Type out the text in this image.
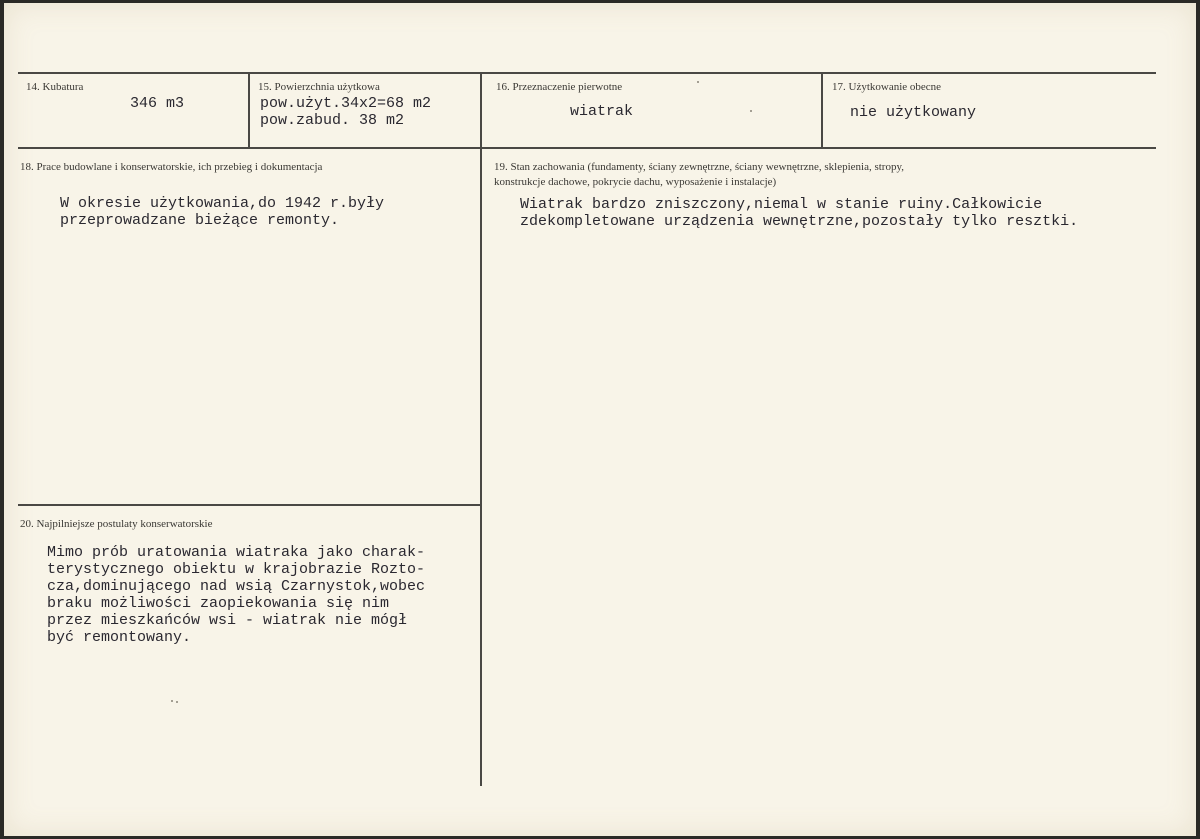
14. Kubatura
346 m3
15. Powierzchnia użytkowa
pow.użyt.34x2=68 m2
pow.zabud. 38 m2
16. Przeznaczenie pierwotne
wiatrak
17. Użytkowanie obecne
nie użytkowany
18. Prace budowlane i konserwatorskie, ich przebieg i dokumentacja
W okresie użytkowania,do 1942 r.były
przeprowadzane bieżące remonty.
19. Stan zachowania (fundamenty, ściany zewnętrzne, ściany wewnętrzne, sklepienia, stropy,
konstrukcje dachowe, pokrycie dachu, wyposażenie i instalacje)
Wiatrak bardzo zniszczony,niemal w stanie ruiny.Całkowicie
zdekompletowane urządzenia wewnętrzne,pozostały tylko resztki.
20. Najpilniejsze postulaty konserwatorskie
Mimo prób uratowania wiatraka jako charak-
terystycznego obiektu w krajobrazie Rozto-
cza,dominującego nad wsią Czarnystok,wobec
braku możliwości zaopiekowania się nim
przez mieszkańców wsi - wiatrak nie mógł
być remontowany.
